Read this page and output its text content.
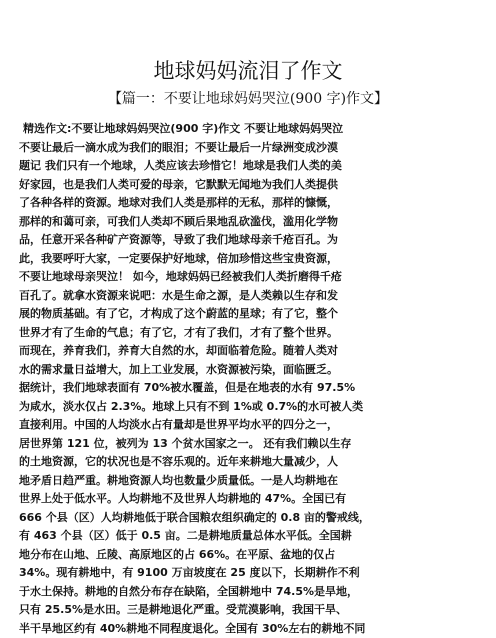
地球妈妈流泪了作文
【篇一：不要让地球妈妈哭泣(900 字)作文】
精选作文:不要让地球妈妈哭泣(900 字)作文 不要让地球妈妈哭泣
不要让最后一滴水成为我们的眼泪；不要让最后一片绿洲变成沙漠
题记 我们只有一个地球，人类应该去珍惜它！地球是我们人类的美
好家园，也是我们人类可爱的母亲，它默默无闻地为我们人类提供
了各种各样的资源。地球对我们人类是那样的无私，那样的慷慨，
那样的和蔼可亲，可我们人类却不顾后果地乱砍滥伐，滥用化学物
品，任意开采各种矿产资源等，导致了我们地球母亲千疮百孔。为
此，我要呼吁大家，一定要保护好地球，倍加珍惜这些宝贵资源，
不要让地球母亲哭泣！ 如今，地球妈妈已经被我们人类折磨得千疮
百孔了。就拿水资源来说吧：水是生命之源，是人类赖以生存和发
展的物质基础。有了它，才构成了这个蔚蓝的星球；有了它，整个
世界才有了生命的气息；有了它，才有了我们，才有了整个世界。
而现在，养育我们，养育大自然的水，却面临着危险。随着人类对
水的需求量日益增大，加上工业发展，水资源被污染，面临匮乏。
据统计，我们地球表面有 70%被水覆盖，但是在地表的水有 97.5%
为咸水，淡水仅占 2.3%。地球上只有不到 1%或 0.7%的水可被人类
直接利用。中国的人均淡水占有量却是世界平均水平的四分之一，
居世界第 121 位，被列为 13 个贫水国家之一。 还有我们赖以生存
的土地资源，它的状况也是不容乐观的。近年来耕地大量减少，人
地矛盾日趋严重。耕地资源人均也数量少质量低。一是人均耕地在
世界上处于低水平。人均耕地不及世界人均耕地的 47%。全国已有
666 个县（区）人均耕地低于联合国粮农组织确定的 0.8 亩的警戒线，
有 463 个县（区）低于 0.5 亩。二是耕地质量总体水平低。全国耕
地分布在山地、丘陵、高原地区的占 66%。在平原、盆地的仅占
34%。现有耕地中，有 9100 万亩坡度在 25 度以下，长期耕作不利
于水土保持。耕地的自然分布存在缺陷，全国耕地中 74.5%是旱地，
只有 25.5%是水田。三是耕地退化严重。受荒漠影响，我国干旱、
半干旱地区约有 40%耕地不同程度退化。全国有 30%左右的耕地不同
